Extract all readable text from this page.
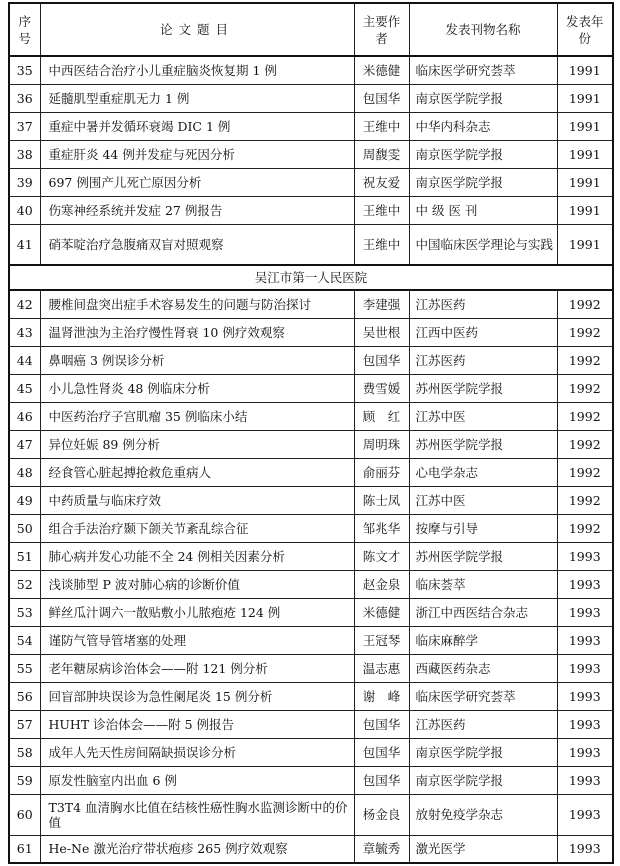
序号	论文题目	主要作者	发表刊物名称	发表年份
35	中西医结合治疗小儿重症脑炎恢复期 1 例	米德健	临床医学研究荟萃	1991
36	延髓肌型重症肌无力 1 例	包国华	南京医学院学报	1991
37	重症中暑并发循环衰竭 DIC 1 例	王维中	中华内科杂志	1991
38	重症肝炎 44 例并发症与死因分析	周馥雯	南京医学院学报	1991
39	697 例围产儿死亡原因分析	祝友爱	南京医学院学报	1991
40	伤寒神经系统并发症 27 例报告	王维中	中 级 医 刊	1991
41	硝苯啶治疗急腹痛双盲对照观察	王维中	中国临床医学理论与实践	1991
吴江市第一人民医院				
42	腰椎间盘突出症手术容易发生的问题与防治探讨	李建强	江苏医药	1992
43	温肾泄浊为主治疗慢性肾衰 10 例疗效观察	吴世根	江西中医药	1992
44	鼻咽癌 3 例误诊分析	包国华	江苏医药	1992
45	小儿急性肾炎 48 例临床分析	费雪媛	苏州医学院学报	1992
46	中医药治疗子宫肌瘤 35 例临床小结	顾　红	江苏中医	1992
47	异位妊娠 89 例分析	周明珠	苏州医学院学报	1992
48	经食管心脏起搏抢救危重病人	俞丽芬	心电学杂志	1992
49	中药质量与临床疗效	陈士凤	江苏中医	1992
50	组合手法治疗颞下颌关节紊乱综合征	邹兆华	按摩与引导	1992
51	肺心病并发心功能不全 24 例相关因素分析	陈文才	苏州医学院学报	1993
52	浅谈肺型 P 波对肺心病的诊断价值	赵金泉	临床荟萃	1993
53	鲜丝瓜汁调六一散贴敷小儿脓疱疮 124 例	米德健	浙江中西医结合杂志	1993
54	谨防气管导管堵塞的处理	王冠琴	临床麻醉学	1993
55	老年糖尿病诊治体会——附 121 例分析	温志惠	西藏医药杂志	1993
56	回盲部肿块误诊为急性阑尾炎 15 例分析	谢　峰	临床医学研究荟萃	1993
57	HUHT 诊治体会——附 5 例报告	包国华	江苏医药	1993
58	成年人先天性房间隔缺损误诊分析	包国华	南京医学院学报	1993
59	原发性脑室内出血 6 例	包国华	南京医学院学报	1993
60	T3T4 血清胸水比值在结核性癌性胸水监测诊断中的价值	杨金良	放射免疫学杂志	1993
61	He-Ne 激光治疗带状疱疹 265 例疗效观察	章毓秀	激光医学	1993
